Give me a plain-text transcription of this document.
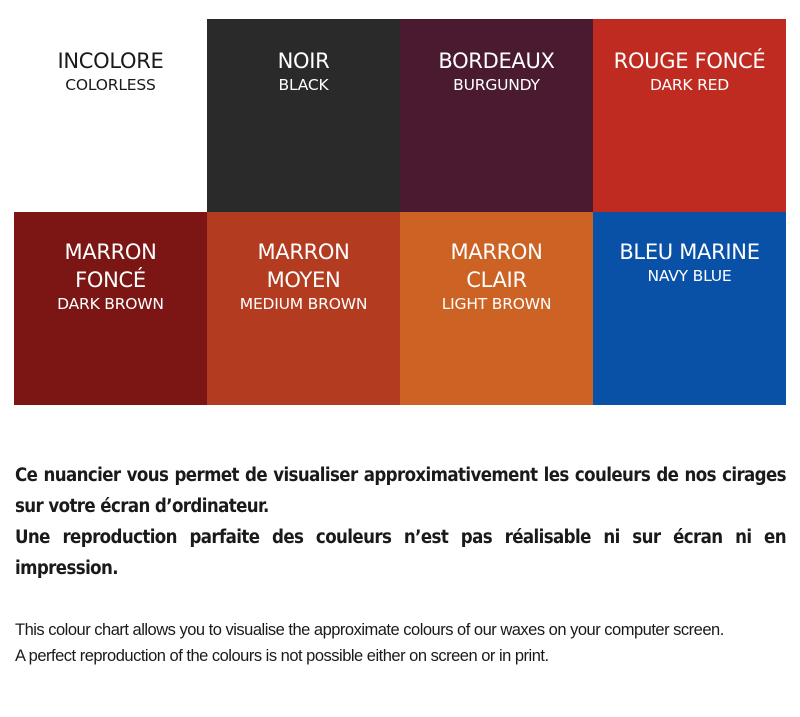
INCOLORE
COLORLESS
NOIR
BLACK
BORDEAUX
BURGUNDY
ROUGE FONCÉ
DARK RED
MARRON
FONCÉ
DARK BROWN
MARRON
MOYEN
MEDIUM BROWN
MARRON
CLAIR
LIGHT BROWN
BLEU MARINE
NAVY BLUE

Ce nuancier vous permet de visualiser approximativement les couleurs de nos cirages sur votre écran d’ordinateur.
Une reproduction parfaite des couleurs n’est pas réalisable ni sur écran ni en impression.

This colour chart allows you to visualise the approximate colours of our waxes on your computer screen.
A perfect reproduction of the colours is not possible either on screen or in print.
